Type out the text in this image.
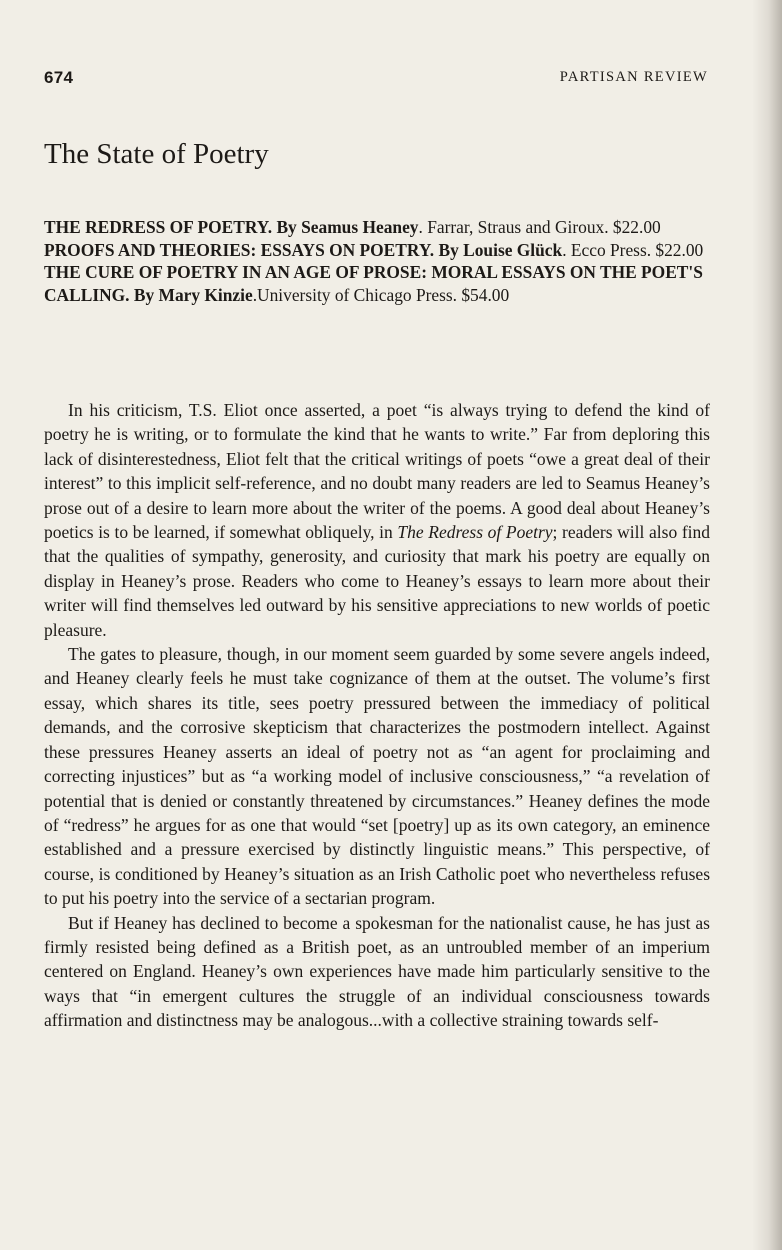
674	PARTISAN REVIEW
The State of Poetry
THE REDRESS OF POETRY. By Seamus Heaney. Farrar, Straus and Giroux. $22.00
PROOFS AND THEORIES: ESSAYS ON POETRY. By Louise Glück. Ecco Press. $22.00
THE CURE OF POETRY IN AN AGE OF PROSE: MORAL ESSAYS ON THE POET'S CALLING. By Mary Kinzie.University of Chicago Press. $54.00

In his criticism, T.S. Eliot once asserted, a poet “is always trying to defend the kind of poetry he is writing, or to formulate the kind that he wants to write.” Far from deploring this lack of disinterestedness, Eliot felt that the critical writings of poets “owe a great deal of their interest” to this implicit self-reference, and no doubt many readers are led to Seamus Heaney’s prose out of a desire to learn more about the writer of the poems. A good deal about Heaney’s poetics is to be learned, if somewhat obliquely, in The Redress of Poetry; readers will also find that the qualities of sympathy, generosity, and curiosity that mark his poetry are equally on display in Heaney’s prose. Readers who come to Heaney’s essays to learn more about their writer will find themselves led outward by his sensitive appreciations to new worlds of poetic pleasure.

The gates to pleasure, though, in our moment seem guarded by some severe angels indeed, and Heaney clearly feels he must take cognizance of them at the outset. The volume’s first essay, which shares its title, sees poetry pressured between the immediacy of political demands, and the corrosive skepticism that characterizes the postmodern intellect. Against these pressures Heaney asserts an ideal of poetry not as “an agent for proclaiming and correcting injustices” but as “a working model of inclusive consciousness,” “a revelation of potential that is denied or constantly threatened by circumstances.” Heaney defines the mode of “redress” he argues for as one that would “set [poetry] up as its own category, an eminence established and a pressure exercised by distinctly linguistic means.” This perspective, of course, is conditioned by Heaney’s situation as an Irish Catholic poet who nevertheless refuses to put his poetry into the service of a sectarian program.

But if Heaney has declined to become a spokesman for the nationalist cause, he has just as firmly resisted being defined as a British poet, as an untroubled member of an imperium centered on England. Heaney’s own experiences have made him particularly sensitive to the ways that “in emergent cultures the struggle of an individual consciousness towards affirmation and distinctness may be analogous...with a collective straining towards self-
